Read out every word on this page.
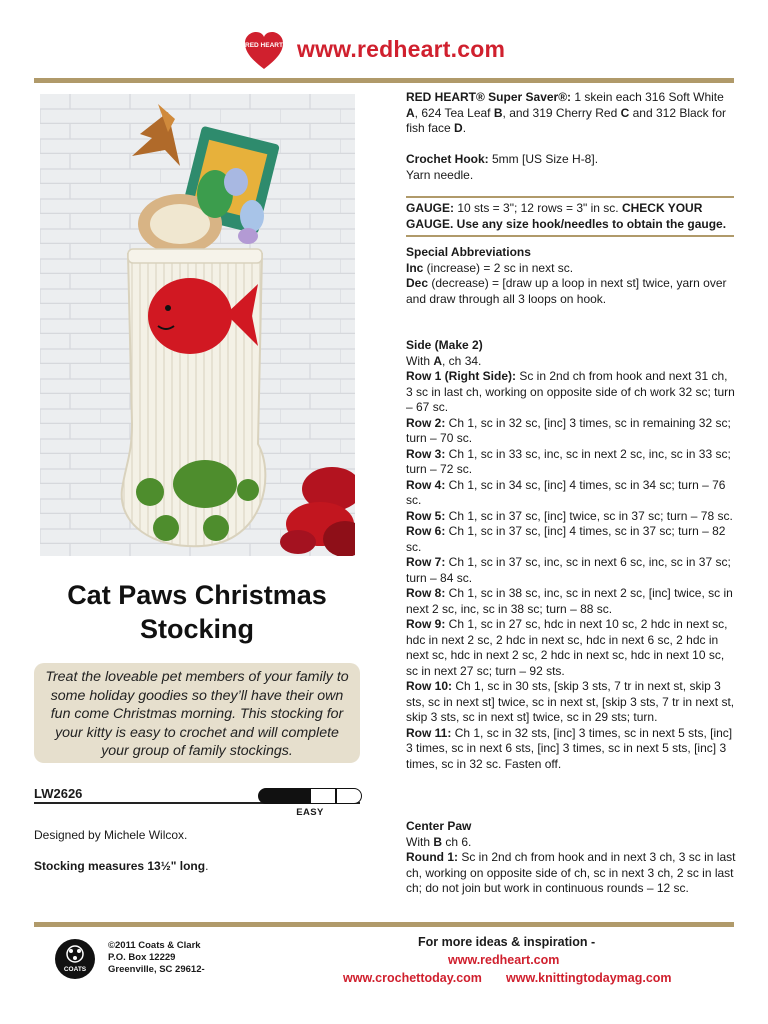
RED HEART www.redheart.com
Cat Paws Christmas Stocking

Treat the loveable pet members of your family to some holiday goodies so they’ll have their own fun come Christmas morning. This stocking for your kitty is easy to crochet and will complete your group of family stockings.

LW2626
EASY
Designed by Michele Wilcox.
Stocking measures 13½" long.
RED HEART® Super Saver®: 1 skein each 316 Soft White A, 624 Tea Leaf B, and 319 Cherry Red C and 312 Black for fish face D.
Crochet Hook: 5mm [US Size H-8].
Yarn needle.
GAUGE: 10 sts = 3"; 12 rows = 3" in sc. CHECK YOUR GAUGE. Use any size hook/needles to obtain the gauge.
Special Abbreviations
Inc (increase) = 2 sc in next sc.
Dec (decrease) = [draw up a loop in next st] twice, yarn over and draw through all 3 loops on hook.
Side (Make 2)
With A, ch 34.
Row 1 (Right Side): Sc in 2nd ch from hook and next 31 ch, 3 sc in last ch, working on opposite side of ch work 32 sc; turn – 67 sc.
Row 2: Ch 1, sc in 32 sc, [inc] 3 times, sc in remaining 32 sc; turn – 70 sc.
Row 3: Ch 1, sc in 33 sc, inc, sc in next 2 sc, inc, sc in 33 sc; turn – 72 sc.
Row 4: Ch 1, sc in 34 sc, [inc] 4 times, sc in 34 sc; turn – 76 sc.
Row 5: Ch 1, sc in 37 sc, [inc] twice, sc in 37 sc; turn – 78 sc.
Row 6: Ch 1, sc in 37 sc, [inc] 4 times, sc in 37 sc; turn – 82 sc.
Row 7: Ch 1, sc in 37 sc, inc, sc in next 6 sc, inc, sc in 37 sc; turn – 84 sc.
Row 8: Ch 1, sc in 38 sc, inc, sc in next 2 sc, [inc] twice, sc in next 2 sc, inc, sc in 38 sc; turn – 88 sc.
Row 9: Ch 1, sc in 27 sc, hdc in next 10 sc, 2 hdc in next sc, hdc in next 2 sc, 2 hdc in next sc, hdc in next 6 sc, 2 hdc in next sc, hdc in next 2 sc, 2 hdc in next sc, hdc in next 10 sc, sc in next 27 sc; turn – 92 sts.
Row 10: Ch 1, sc in 30 sts, [skip 3 sts, 7 tr in next st, skip 3 sts, sc in next st] twice, sc in next st, [skip 3 sts, 7 tr in next st, skip 3 sts, sc in next st] twice, sc in 29 sts; turn.
Row 11: Ch 1, sc in 32 sts, [inc] 3 times, sc in next 5 sts, [inc] 3 times, sc in next 6 sts, [inc] 3 times, sc in next 5 sts, [inc] 3 times, sc in 32 sc. Fasten off.
Center Paw
With B ch 6.
Round 1: Sc in 2nd ch from hook and in next 3 ch, 3 sc in last ch, working on opposite side of ch, sc in next 3 ch, 2 sc in last ch; do not join but work in continuous rounds – 12 sc.
COATS
©2011 Coats & Clark
P.O. Box 12229
Greenville, SC 29612-
For more ideas & inspiration -
www.redheart.com
www.crochettoday.com www.knittingtodaymag.com
